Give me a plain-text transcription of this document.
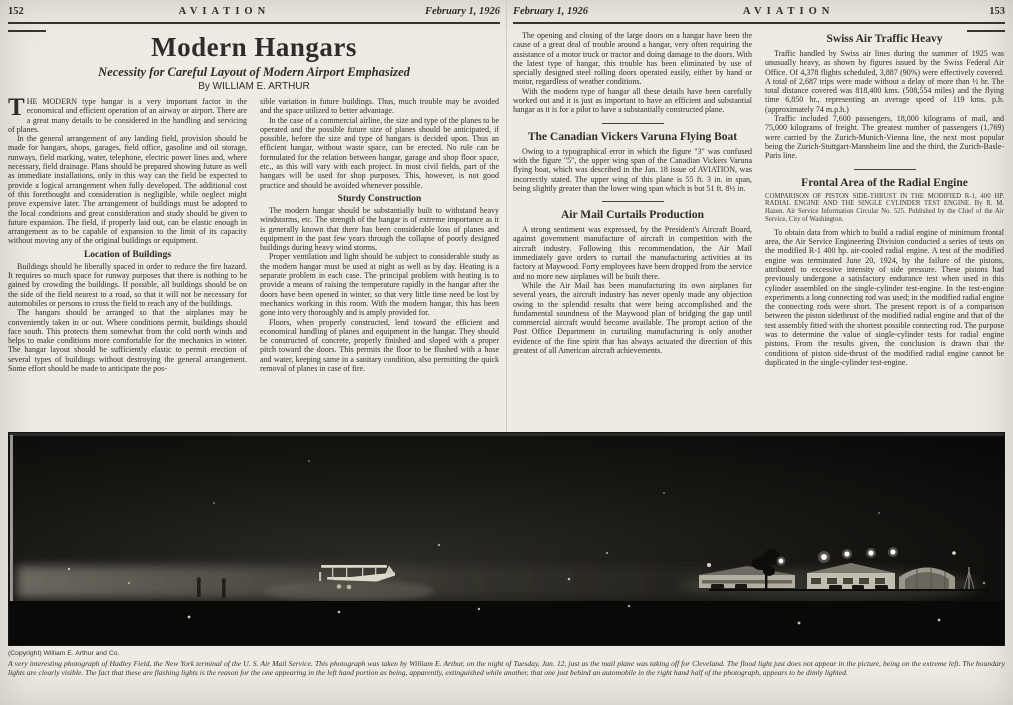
152	AVIATION	February 1, 1926
Modern Hangars
Necessity for Careful Layout of Modern Airport Emphasized
By WILLIAM E. ARTHUR

THE MODERN type hangar is a very important factor in the economical and efficient operation of an airway or airport. There are a great many details to be considered in the handling and servicing of planes.

In the general arrangement of any landing field, provision should be made for hangars, shops, garages, field office, gasoline and oil storage, runways, field marking, water, telephone, electric power lines and, where necessary, field drainage. Plans should be prepared showing future as well as immediate installations, only in this way can the field be expected to provide a logical arrangement when fully developed. The additional cost of this forethought and consideration is negligible, while neglect might prove expensive later. The arrangement of buildings must be adopted to the local conditions and great consideration and study should be given to future expansion. The field, if properly laid out, can be elastic enough in arrangement as to be capable of expansion to the limit of its capacity without moving any of the original buildings or equipment.

Location of Buildings

Buildings should be liberally spaced in order to reduce the fire hazard. It requires so much space for runway purposes that there is nothing to be gained by crowding the buildings. If possible, all buildings should be on the side of the field nearest to a road, so that it will not be necessary for automobiles or persons to cross the field to reach any of the buildings.

The hangars should be arranged so that the airplanes may be conveniently taken in or out. Where conditions permit, buildings should face south. This protects them somewhat from the cold north winds and helps to make conditions more comfortable for the mechanics in winter. The hangar layout should be sufficiently elastic to permit erection of several types of buildings without destroying the general arrangement. Some effort should be made to anticipate the pos-

sible variation in future buildings. Thus, much trouble may be avoided and the space utilized to better advantage.

In the case of a commercial airline, the size and type of the planes to be operated and the possible future size of planes should be anticipated, if possible, before the size and type of hangars is decided upon. Thus an efficient hangar, without waste space, can be erected. No rule can be formulated for the relation between hangar, garage and shop floor space, etc., as this will vary with each project. In most civil fields, part of the hangars will be used for shop purposes. This, however, is not good practice and should be avoided whenever possible.

Sturdy Construction

The modern hangar should be substantially built to withstand heavy windstorms, etc. The strength of the hangar is of extreme importance as it is generally known that there has been considerable loss of planes and equipment in the past few years through the collapse of poorly designed buildings during heavy wind storms.

Proper ventilation and light should be subject to considerable study as the modern hangar must be used at night as well as by day. Heating is a separate problem in each case. The principal problem with heating is to provide a means of raising the temperature rapidly in the hangar after the doors have been opened in winter, so that very little time need be lost by mechanics working in this room. With the modern hangar, this has been gone into very thoroughly and is amply provided for.

Floors, when properly constructed, lend toward the efficient and economical handling of planes and equipment in the hangar. They should be constructed of concrete, properly finished and sloped with a proper pitch toward the doors. This permits the floor to be flushed with a hose and water, keeping same in a sanitary condition, also permitting the quick removal of planes in case of fire.

February 1, 1926	AVIATION	153

The opening and closing of the large doors on a hangar have been the cause of a great deal of trouble around a hangar, very often requiring the assistance of a motor truck or tractor and doing damage to the doors. With the latest type of hangar, this trouble has been eliminated by use of specially designed steel rolling doors operated easily, either by hand or motor, regardless of weather conditions.

With the modern type of hangar all these details have been carefully worked out and it is just as important to have an efficient and substantial hangar as it is for a pilot to have a substantially constructed plane.

The Canadian Vickers Varuna Flying Boat

Owing to a typographical error in which the figure "3" was confused with the figure "5", the upper wing span of the Canadian Vickers Varuna flying boat, which was described in the Jan. 18 issue of AVIATION, was incorrectly stated. The upper wing of this plane is 55 ft. 3 in. in span, being slightly greater than the lower wing span which is but 51 ft. 8½ in.

Air Mail Curtails Production

A strong sentiment was expressed, by the President's Aircraft Board, against government manufacture of aircraft in competition with the aircraft industry. Following this recommendation, the Air Mail immediately gave orders to curtail the manufacturing activities at its factory at Maywood. Forty employees have been dropped from the service and no more new airplanes will be built there.

While the Air Mail has been manufacturing its own airplanes for several years, the aircraft industry has never openly made any objection owing to the splendid results that were being accomplished and the fundamental soundness of the Maywood plan of bridging the gap until commercial aircraft would become available. The prompt action of the Post Office Department in curtailing manufacturing is only another evidence of the fine spirit that has always actuated the direction of this greatest of all American aircraft achievements.

Swiss Air Traffic Heavy

Traffic handled by Swiss air lines during the summer of 1925 was unusually heavy, as shown by figures issued by the Swiss Federal Air Office. Of 4,378 flights scheduled, 3,887 (90%) were effectively covered. A total of 2,687 trips were made without a delay of more than ½ hr. The total distance covered was 818,400 kms. (508,554 miles) and the flying time 6,850 hr., representing an average speed of 119 kms. p.h. (approximately 74 m.p.h.)

Traffic included 7,600 passengers, 18,000 kilograms of mail, and 75,000 kilograms of freight. The greatest number of passengers (1,769) were carried by the Zurich-Munich-Vienna line, the next most popular being the Zurich-Stuttgart-Mannheim line and the third, the Zurich-Basle-Paris line.

Frontal Area of the Radial Engine

COMPARISON OF PISTON SIDE-THRUST IN THE MODIFIED R-1, 400 HP. RADIAL ENGINE AND THE SINGLE CYLINDER TEST ENGINE. By R. M. Hazen. Air Service Information Circular No. 525. Published by the Chief of the Air Service, City of Washington.

To obtain data from which to build a radial engine of minimum frontal area, the Air Service Engineering Division conducted a series of tests on the modified R-1 400 hp. air-cooled radial engine. A test of the modified engine was terminated June 20, 1924, by the failure of the pistons, attributed to excessive intensity of side pressure. These pistons had previously undergone a satisfactory endurance test when used in this cylinder assembled on the single-cylinder test-engine. In the test-engine experiments a long connecting rod was used; in the modified radial engine the connecting rods were short. The present report is of a comparison between the piston sidethrust of the modified radial engine and that of the test assembly fitted with the shortest possible connecting rod. The purpose was to determine the value of single-cylinder tests for radial engine pistons. From the results given, the conclusion is drawn that the conditions of piston side-thrust of the modified radial engine cannot be duplicated in the single-cylinder test-engine.

(Copyright) William E. Arthur and Co.

A very interesting photograph of Hadley Field, the New York terminal of the U. S. Air Mail Service. This photograph was taken by William E. Arthur, on the night of Tuesday, Jan. 12, just as the mail plane was taking off for Cleveland. The flood light just does not appear in the picture, being on the extreme left. The boundary lights are clearly visible. The fact that these are flashing lights is the reason for the one appearing in the left hand portion as being, apparently, extinguished while another, that one just behind an automobile in the right hand half of the photograph, appears to be dimly lighted.
